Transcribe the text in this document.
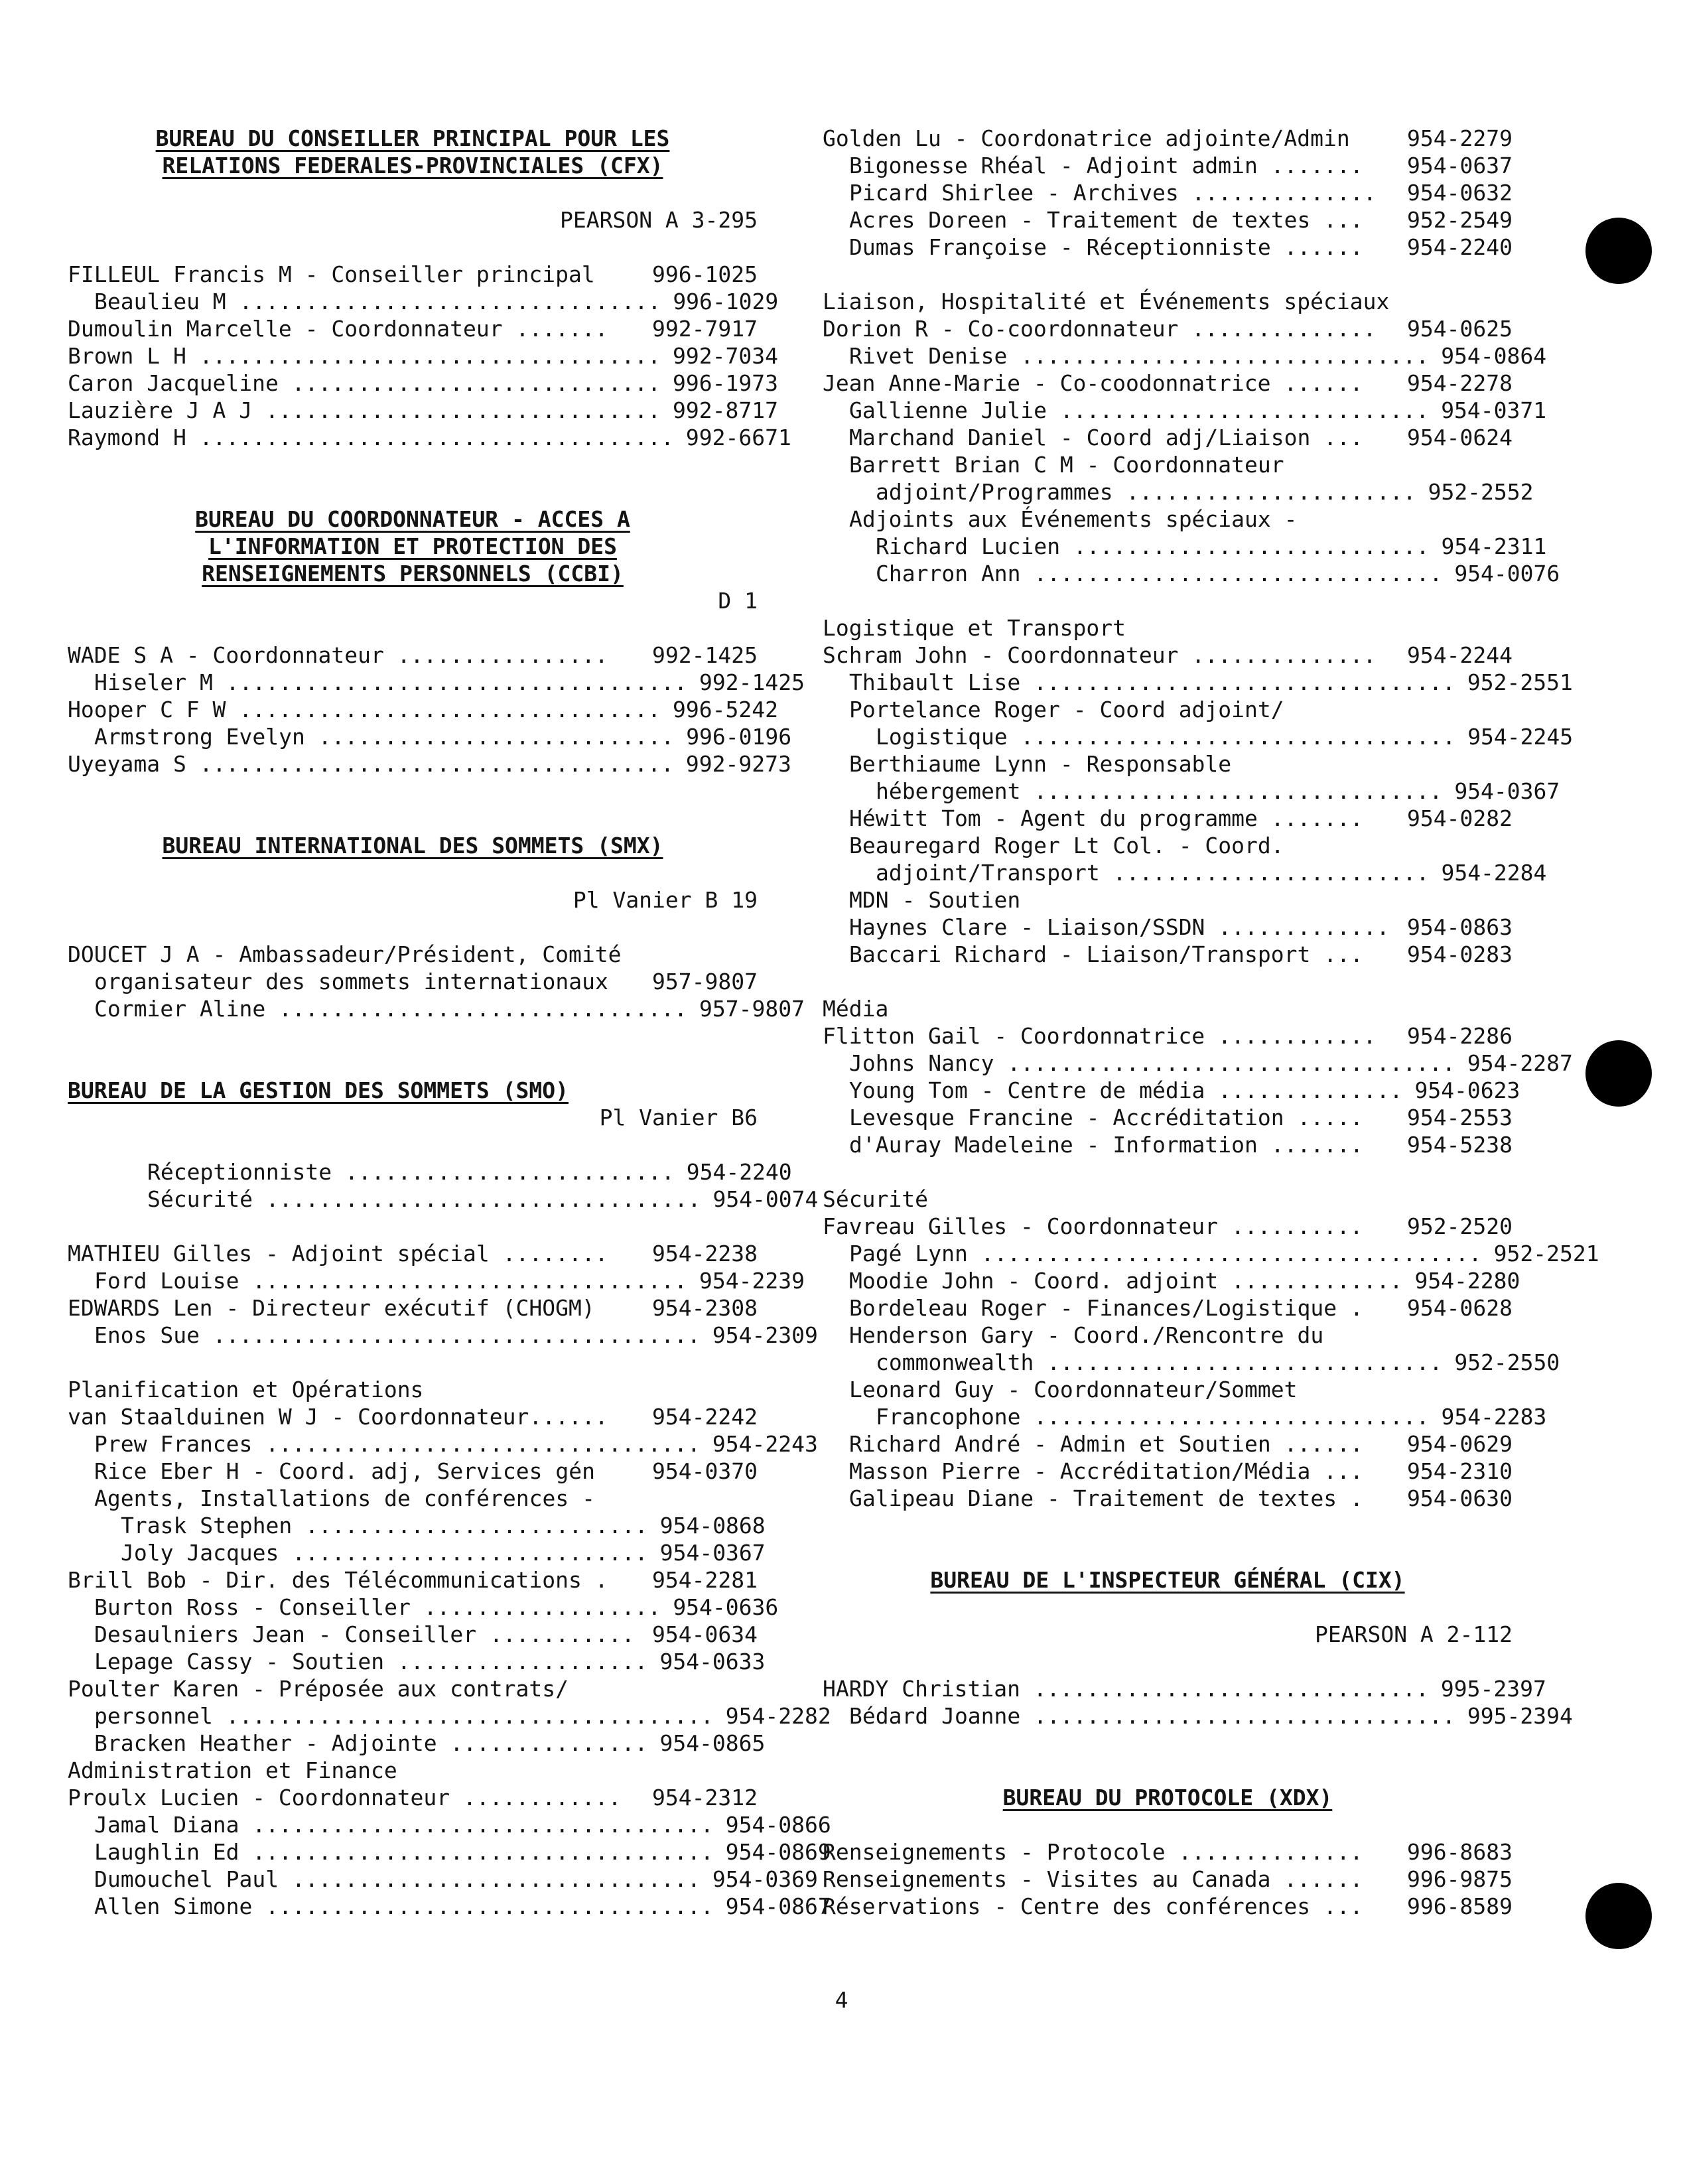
BUREAU DU CONSEILLER PRINCIPAL POUR LES
RELATIONS FEDERALES-PROVINCIALES (CFX)
PEARSON A 3-295
FILLEUL Francis M - Conseiller principal	996-1025
Beaulieu M ................................ 996-1029
Dumoulin Marcelle - Coordonnateur .......	992-7917
Brown L H ................................... 992-7034
Caron Jacqueline ............................ 996-1973
Lauzière J A J .............................. 992-8717
Raymond H .................................... 992-6671
BUREAU DU COORDONNATEUR - ACCES A
L'INFORMATION ET PROTECTION DES
RENSEIGNEMENTS PERSONNELS (CCBI)
D 1
WADE S A - Coordonnateur ................	992-1425
Hiseler M ................................... 992-1425
Hooper C F W ................................ 996-5242
Armstrong Evelyn ........................... 996-0196
Uyeyama S .................................... 992-9273
BUREAU INTERNATIONAL DES SOMMETS (SMX)
Pl Vanier B 19
DOUCET J A - Ambassadeur/Président, Comité
organisateur des sommets internationaux	957-9807
Cormier Aline ............................... 957-9807
BUREAU DE LA GESTION DES SOMMETS (SMO)
Pl Vanier B6
Réceptionniste ......................... 954-2240
Sécurité ................................. 954-0074
MATHIEU Gilles - Adjoint spécial ........	954-2238
Ford Louise ................................. 954-2239
EDWARDS Len - Directeur exécutif (CHOGM)	954-2308
Enos Sue ..................................... 954-2309
Planification et Opérations
van Staalduinen W J - Coordonnateur......	954-2242
Prew Frances ................................. 954-2243
Rice Eber H - Coord. adj, Services gén	954-0370
Agents, Installations de conférences -
Trask Stephen .......................... 954-0868
Joly Jacques ........................... 954-0367
Brill Bob - Dir. des Télécommunications .	954-2281
Burton Ross - Conseiller .................. 954-0636
Desaulniers Jean - Conseiller ........... 954-0634
Lepage Cassy - Soutien ................... 954-0633
Poulter Karen - Préposée aux contrats/
personnel ..................................... 954-2282
Bracken Heather - Adjointe ............... 954-0865
Administration et Finance
Proulx Lucien - Coordonnateur ............	954-2312
Jamal Diana ................................... 954-0866
Laughlin Ed ................................... 954-0869
Dumouchel Paul ............................... 954-0369
Allen Simone .................................. 954-0867
Golden Lu - Coordonatrice adjointe/Admin	954-2279
Bigonesse Rhéal - Adjoint admin .......	954-0637
Picard Shirlee - Archives ..............	954-0632
Acres Doreen - Traitement de textes ...	952-2549
Dumas Françoise - Réceptionniste ......	954-2240
Liaison, Hospitalité et Événements spéciaux
Dorion R - Co-coordonnateur ..............	954-0625
Rivet Denise ............................... 954-0864
Jean Anne-Marie - Co-coodonnatrice ......	954-2278
Gallienne Julie ............................ 954-0371
Marchand Daniel - Coord adj/Liaison ...	954-0624
Barrett Brian C M - Coordonnateur
adjoint/Programmes ...................... 952-2552
Adjoints aux Événements spéciaux -
Richard Lucien ........................... 954-2311
Charron Ann ............................... 954-0076
Logistique et Transport
Schram John - Coordonnateur ..............	954-2244
Thibault Lise ................................ 952-2551
Portelance Roger - Coord adjoint/
Logistique ................................. 954-2245
Berthiaume Lynn - Responsable
hébergement ............................... 954-0367
Héwitt Tom - Agent du programme .......	954-0282
Beauregard Roger Lt Col. - Coord.
adjoint/Transport ........................ 954-2284
MDN - Soutien
Haynes Clare - Liaison/SSDN ............. 954-0863
Baccari Richard - Liaison/Transport ...	954-0283
Média
Flitton Gail - Coordonnatrice ............	954-2286
Johns Nancy .................................. 954-2287
Young Tom - Centre de média .............. 954-0623
Levesque Francine - Accréditation .....	954-2553
d'Auray Madeleine - Information .......	954-5238
Sécurité
Favreau Gilles - Coordonnateur ..........	952-2520
Pagé Lynn ...................................... 952-2521
Moodie John - Coord. adjoint ............. 954-2280
Bordeleau Roger - Finances/Logistique .	954-0628
Henderson Gary - Coord./Rencontre du
commonwealth .............................. 952-2550
Leonard Guy - Coordonnateur/Sommet
Francophone .............................. 954-2283
Richard André - Admin et Soutien ......	954-0629
Masson Pierre - Accréditation/Média ...	954-2310
Galipeau Diane - Traitement de textes .	954-0630
BUREAU DE L'INSPECTEUR GÉNÉRAL (CIX)
PEARSON A 2-112
HARDY Christian .............................. 995-2397
Bédard Joanne ................................ 995-2394
BUREAU DU PROTOCOLE (XDX)
Renseignements - Protocole ..............	996-8683
Renseignements - Visites au Canada ......	996-9875
Réservations - Centre des conférences ...	996-8589
4
